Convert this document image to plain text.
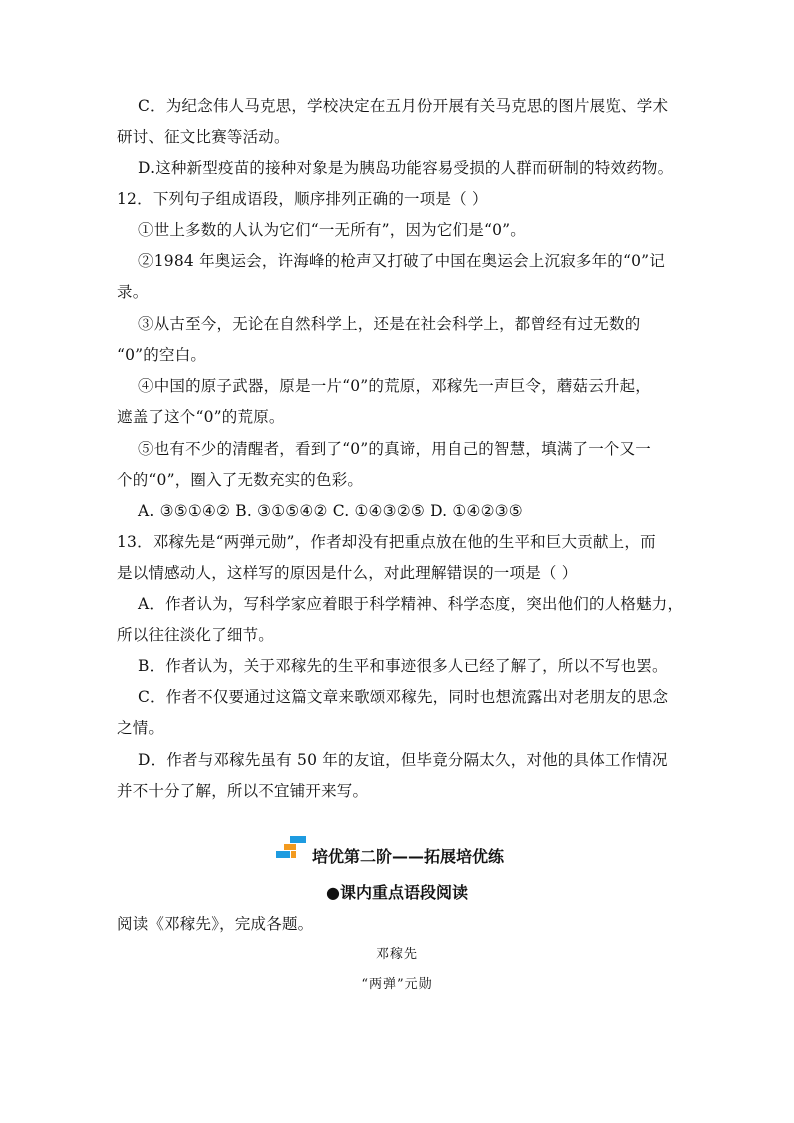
C．为纪念伟人马克思，学校决定在五月份开展有关马克思的图片展览、学术
研讨、征文比赛等活动。
D.这种新型疫苗的接种对象是为胰岛功能容易受损的人群而研制的特效药物。
12．下列句子组成语段，顺序排列正确的一项是（ ）
①世上多数的人认为它们“一无所有”，因为它们是“0”。
②1984 年奥运会，许海峰的枪声又打破了中国在奥运会上沉寂多年的“0”记
录。
③从古至今，无论在自然科学上，还是在社会科学上，都曾经有过无数的
“0”的空白。
④中国的原子武器，原是一片“0”的荒原，邓稼先一声巨令，蘑菇云升起，
遮盖了这个“0”的荒原。
⑤也有不少的清醒者，看到了“0”的真谛，用自己的智慧，填满了一个又一
个的“0”，圈入了无数充实的色彩。
A. ③⑤①④② B. ③①⑤④② C. ①④③②⑤ D. ①④②③⑤
13．邓稼先是“两弹元勋”，作者却没有把重点放在他的生平和巨大贡献上，而
是以情感动人，这样写的原因是什么，对此理解错误的一项是（ ）
A．作者认为，写科学家应着眼于科学精神、科学态度，突出他们的人格魅力，
所以往往淡化了细节。
B．作者认为，关于邓稼先的生平和事迹很多人已经了解了，所以不写也罢。
C．作者不仅要通过这篇文章来歌颂邓稼先，同时也想流露出对老朋友的思念
之情。
D．作者与邓稼先虽有 50 年的友谊，但毕竟分隔太久，对他的具体工作情况
并不十分了解，所以不宜铺开来写。
培优第二阶——拓展培优练
●课内重点语段阅读
阅读《邓稼先》，完成各题。
邓稼先
“两弹”元勋
